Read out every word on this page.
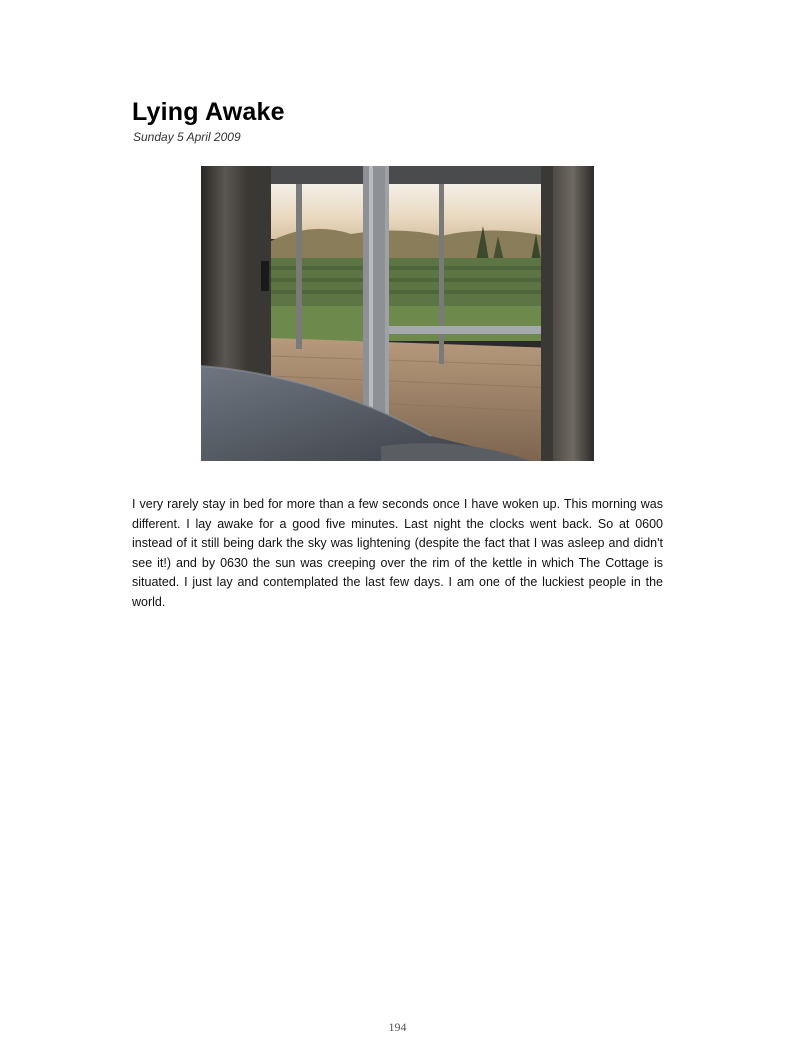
Lying Awake
Sunday 5 April 2009

I very rarely stay in bed for more than a few seconds once I have woken up. This morning was different. I lay awake for a good five minutes. Last night the clocks went back. So at 0600 instead of it still being dark the sky was lightening (despite the fact that I was asleep and didn't see it!) and by 0630 the sun was creeping over the rim of the kettle in which The Cottage is situated. I just lay and contemplated the last few days. I am one of the luckiest people in the world.

194
